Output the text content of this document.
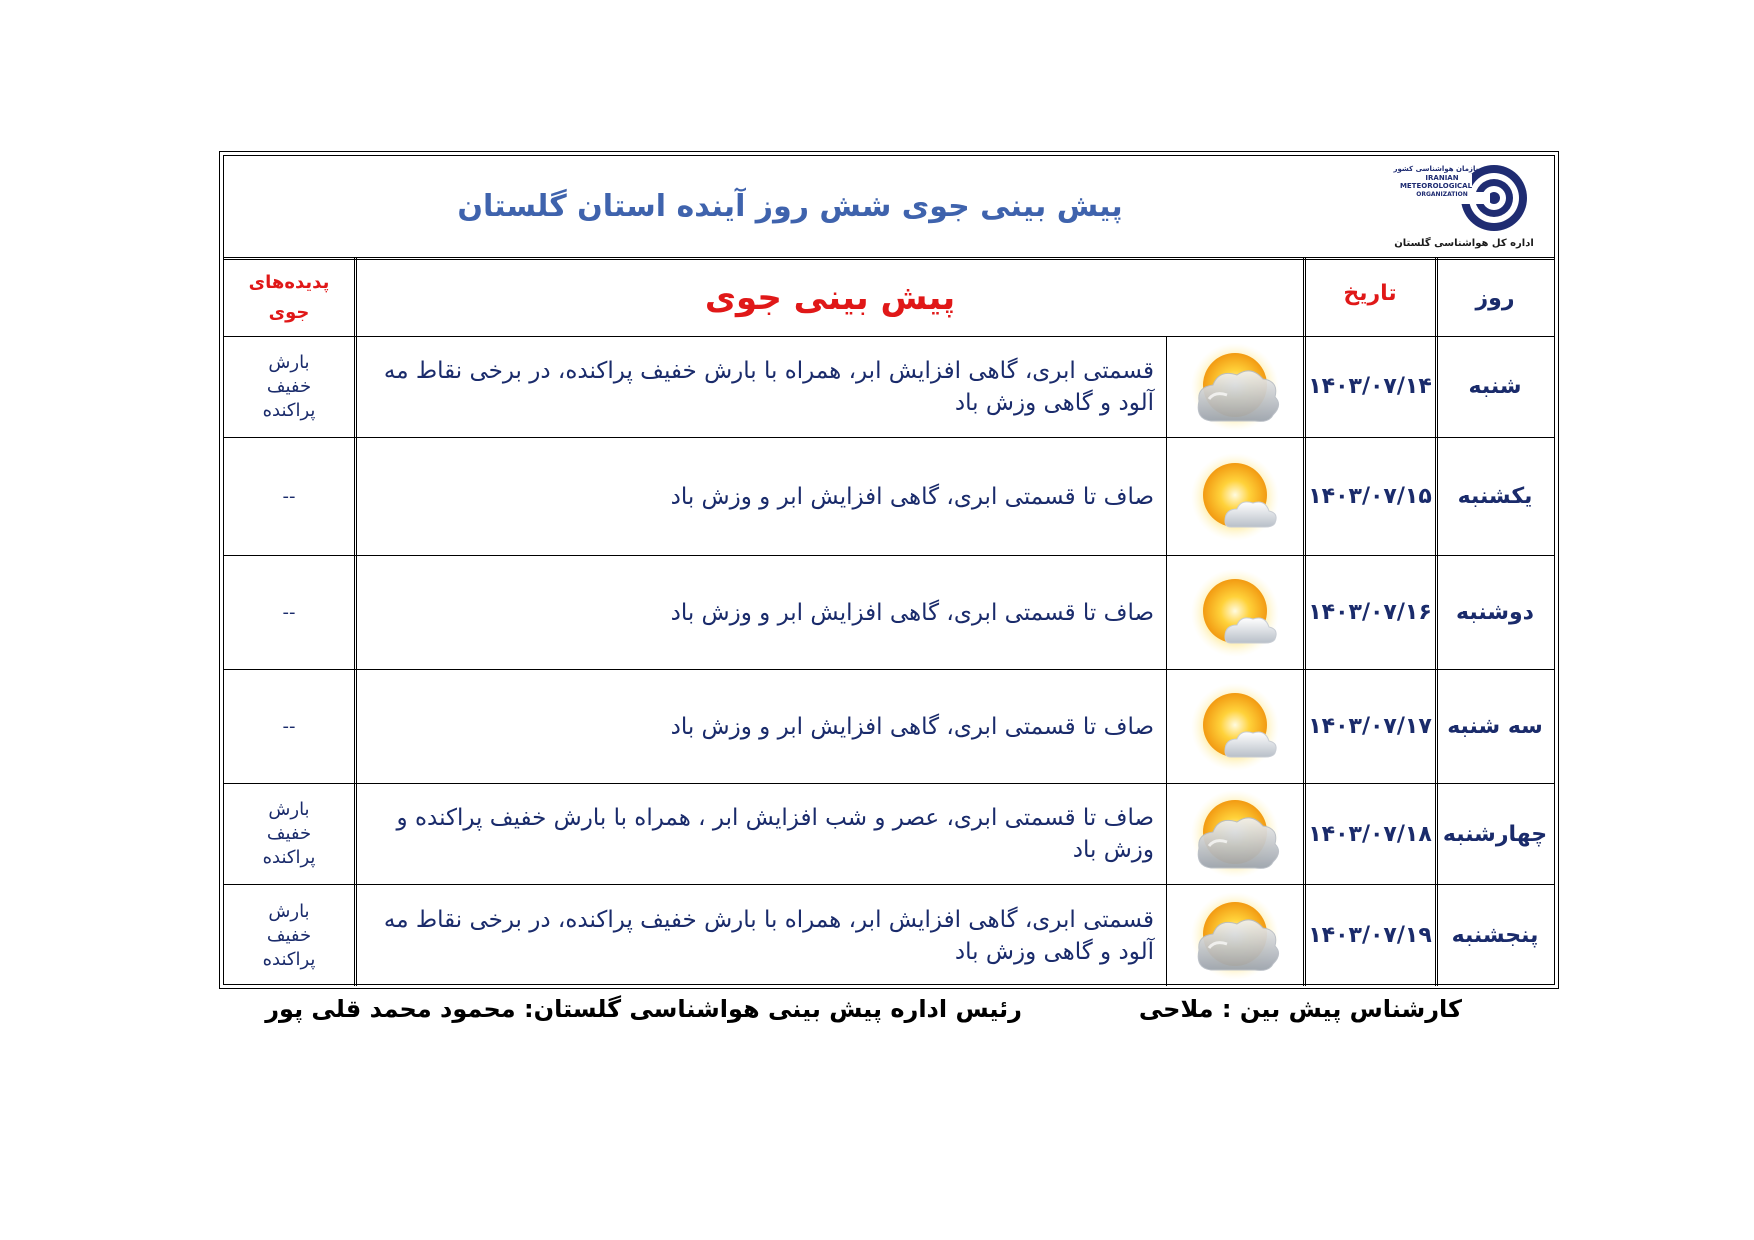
سازمان هواشناسی کشور
IRANIAN
METEOROLOGICAL
ORGANIZATION
اداره کل هواشناسی گلستان
پیش بینی جوی شش روز آینده استان گلستان
روز
تاریخ
پیش بینی جوی
پدیده‌های
جوی
شنبه
۱۴۰۳/۰۷/۱۴
قسمتی ابری، گاهی افزایش ابر، همراه با بارش خفیف پراکنده، در برخی نقاط مه آلود و گاهی وزش باد
بارش خفیف پراکنده
یکشنبه
۱۴۰۳/۰۷/۱۵
صاف تا قسمتی ابری، گاهی افزایش ابر و وزش باد
--
دوشنبه
۱۴۰۳/۰۷/۱۶
صاف تا قسمتی ابری، گاهی افزایش ابر و وزش باد
--
سه شنبه
۱۴۰۳/۰۷/۱۷
صاف تا قسمتی ابری، گاهی افزایش ابر و وزش باد
--
چهارشنبه
۱۴۰۳/۰۷/۱۸
صاف تا قسمتی ابری، عصر و شب افزایش ابر ، همراه با بارش خفیف پراکنده و وزش باد
بارش خفیف پراکنده
پنجشنبه
۱۴۰۳/۰۷/۱۹
قسمتی ابری، گاهی افزایش ابر، همراه با بارش خفیف پراکنده، در برخی نقاط مه آلود و گاهی وزش باد
بارش خفیف پراکنده
کارشناس پیش بین : ملاحی
رئیس اداره پیش بینی هواشناسی گلستان: محمود محمد قلی پور
